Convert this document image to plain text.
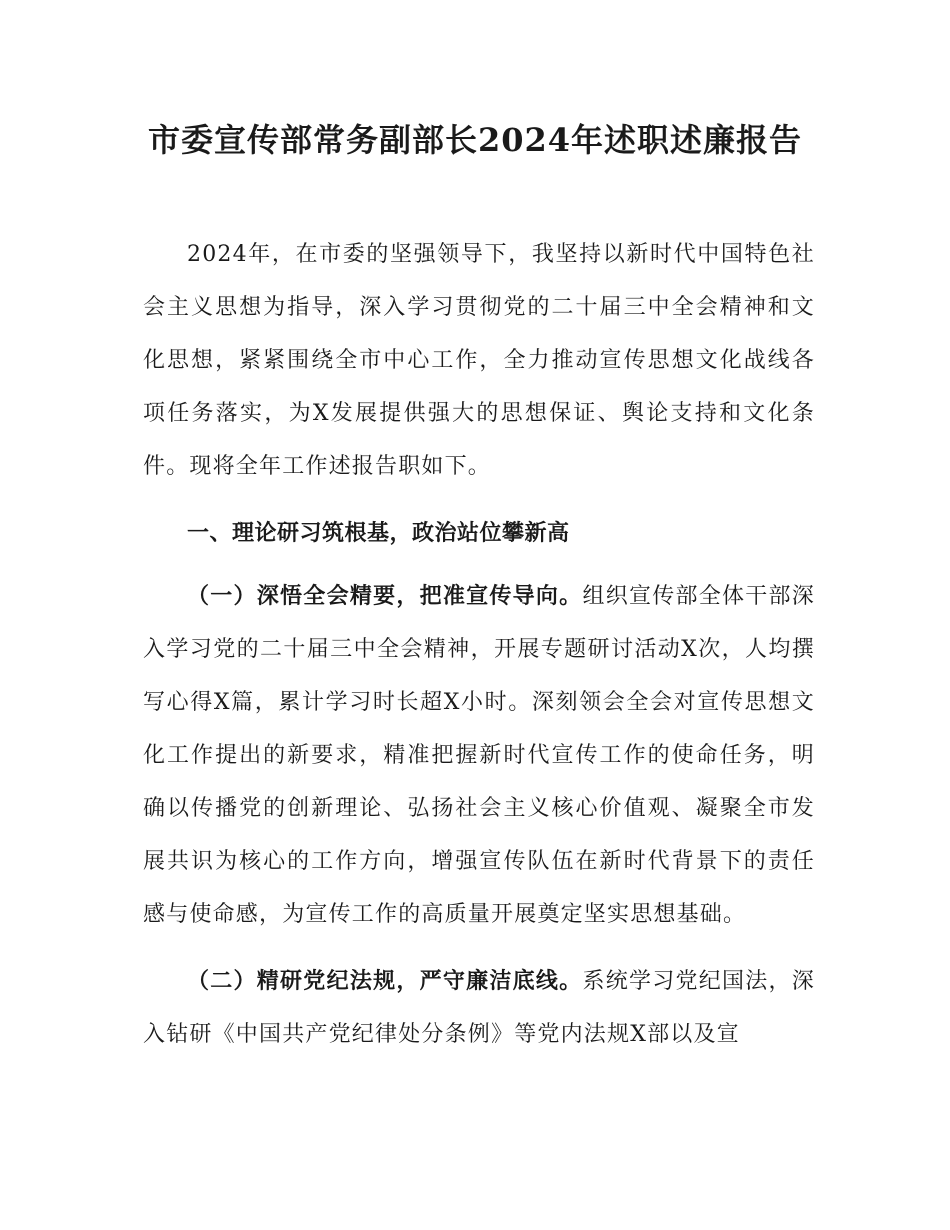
市委宣传部常务副部长2024年述职述廉报告

2024年，在市委的坚强领导下，我坚持以新时代中国特色社会主义思想为指导，深入学习贯彻党的二十届三中全会精神和文化思想，紧紧围绕全市中心工作，全力推动宣传思想文化战线各项任务落实，为X发展提供强大的思想保证、舆论支持和文化条件。现将全年工作述报告职如下。

一、理论研习筑根基，政治站位攀新高

（一）深悟全会精要，把准宣传导向。组织宣传部全体干部深入学习党的二十届三中全会精神，开展专题研讨活动X次，人均撰写心得X篇，累计学习时长超X小时。深刻领会全会对宣传思想文化工作提出的新要求，精准把握新时代宣传工作的使命任务，明确以传播党的创新理论、弘扬社会主义核心价值观、凝聚全市发展共识为核心的工作方向，增强宣传队伍在新时代背景下的责任感与使命感，为宣传工作的高质量开展奠定坚实思想基础。

（二）精研党纪法规，严守廉洁底线。系统学习党纪国法，深入钻研《中国共产党纪律处分条例》等党内法规X部以及宣
